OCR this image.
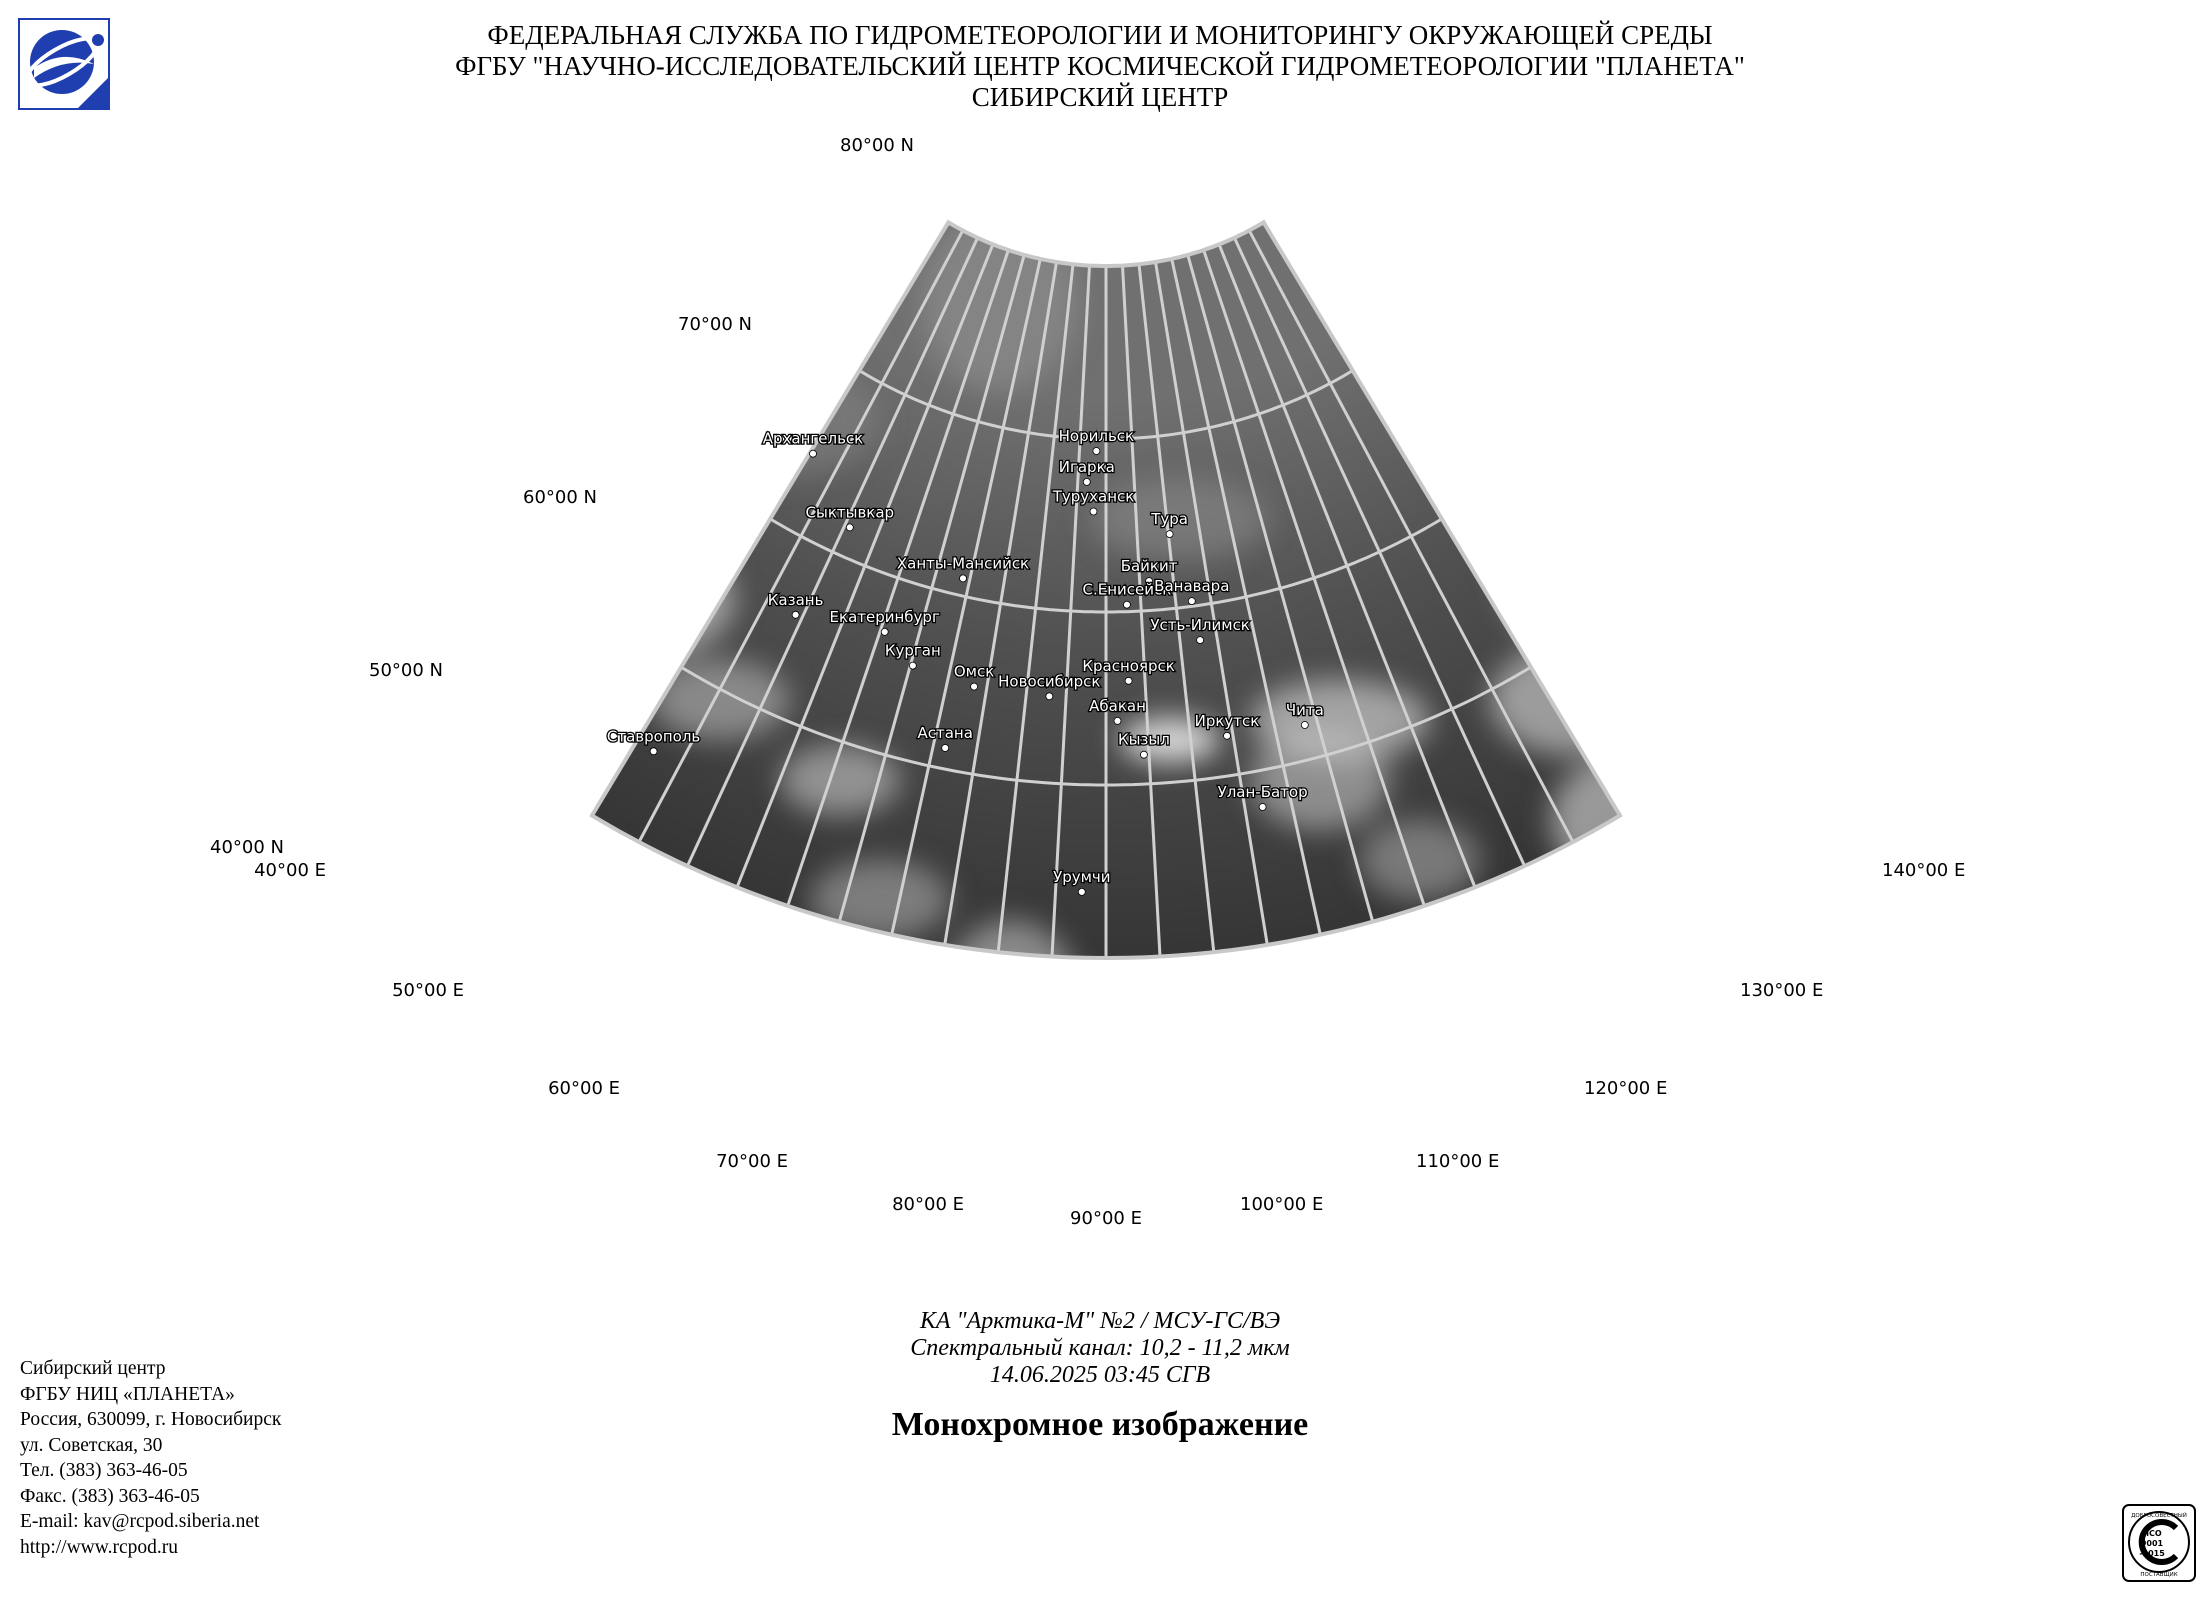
ФЕДЕРАЛЬНАЯ СЛУЖБА ПО ГИДРОМЕТЕОРОЛОГИИ И МОНИТОРИНГУ ОКРУЖАЮЩЕЙ СРЕДЫ
ФГБУ "НАУЧНО-ИССЛЕДОВАТЕЛЬСКИЙ ЦЕНТР КОСМИЧЕСКОЙ ГИДРОМЕТЕОРОЛОГИИ "ПЛАНЕТА"
СИБИРСКИЙ ЦЕНТР
80°00 N
70°00 N
60°00 N
50°00 N
40°00 N
40°00 E
50°00 E
60°00 E
70°00 E
80°00 E
90°00 E
100°00 E
110°00 E
120°00 E
130°00 E
140°00 E
Архангельск
Сыктывкар
Казань
Ставрополь
Екатеринбург
Курган
Ханты-Мансийск
Омск
Астана
Новосибирск
Норильск
Игарка
Туруханск
Тура
Байкит
С.Енисейск
Ванавара
Усть-Илимск
Красноярск
Абакан
Кызыл
Иркутск
Чита
Улан-Батор
Урумчи
КА "Арктика-М" №2 / МСУ-ГС/ВЭ
Спектральный канал: 10,2 - 11,2 мкм
14.06.2025 03:45 СГВ
Монохромное изображение
Сибирский центр
ФГБУ НИЦ «ПЛАНЕТА»
Россия, 630099, г. Новосибирск
ул. Советская, 30
Тел. (383) 363-46-05
Факс. (383) 363-46-05
E-mail: kav@rcpod.siberia.net
http://www.rcpod.ru
ДОБРОСОВЕСТНЫЙ
ИСО
9001
-2015
ПОСТАВЩИК
